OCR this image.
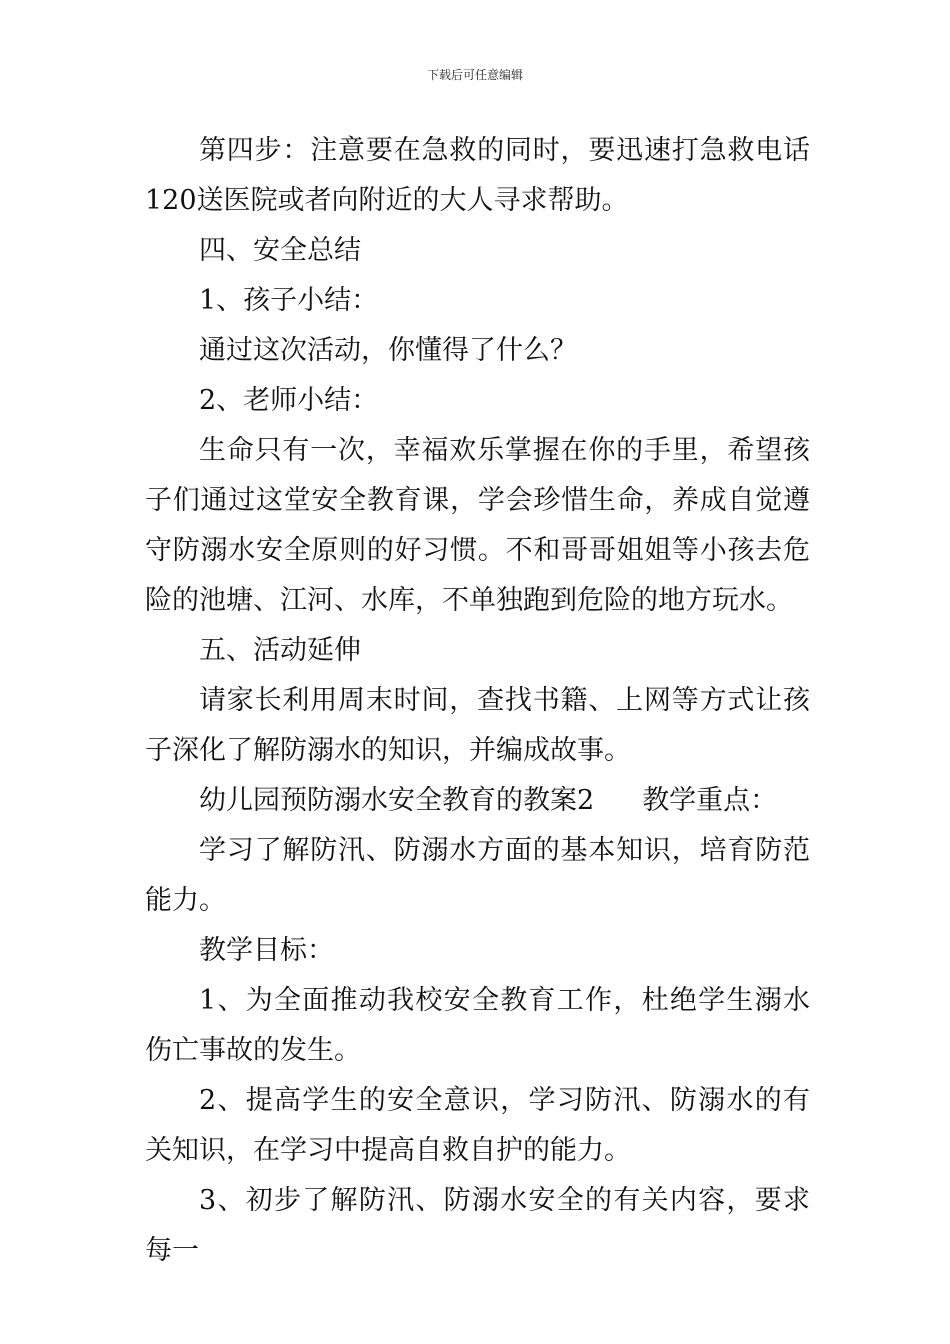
下载后可任意编辑

第四步：注意要在急救的同时，要迅速打急救电话120送医院或者向附近的大人寻求帮助。

四、安全总结

1、孩子小结：

通过这次活动，你懂得了什么？

2、老师小结：

生命只有一次，幸福欢乐掌握在你的手里，希望孩子们通过这堂安全教育课，学会珍惜生命，养成自觉遵守防溺水安全原则的好习惯。不和哥哥姐姐等小孩去危险的池塘、江河、水库，不单独跑到危险的地方玩水。

五、活动延伸

请家长利用周末时间，查找书籍、上网等方式让孩子深化了解防溺水的知识，并编成故事。

幼儿园预防溺水安全教育的教案2 教学重点：

学习了解防汛、防溺水方面的基本知识，培育防范能力。

教学目标：

1、为全面推动我校安全教育工作，杜绝学生溺水伤亡事故的发生。

2、提高学生的安全意识，学习防汛、防溺水的有关知识，在学习中提高自救自护的能力。

3、初步了解防汛、防溺水安全的有关内容，要求每一
